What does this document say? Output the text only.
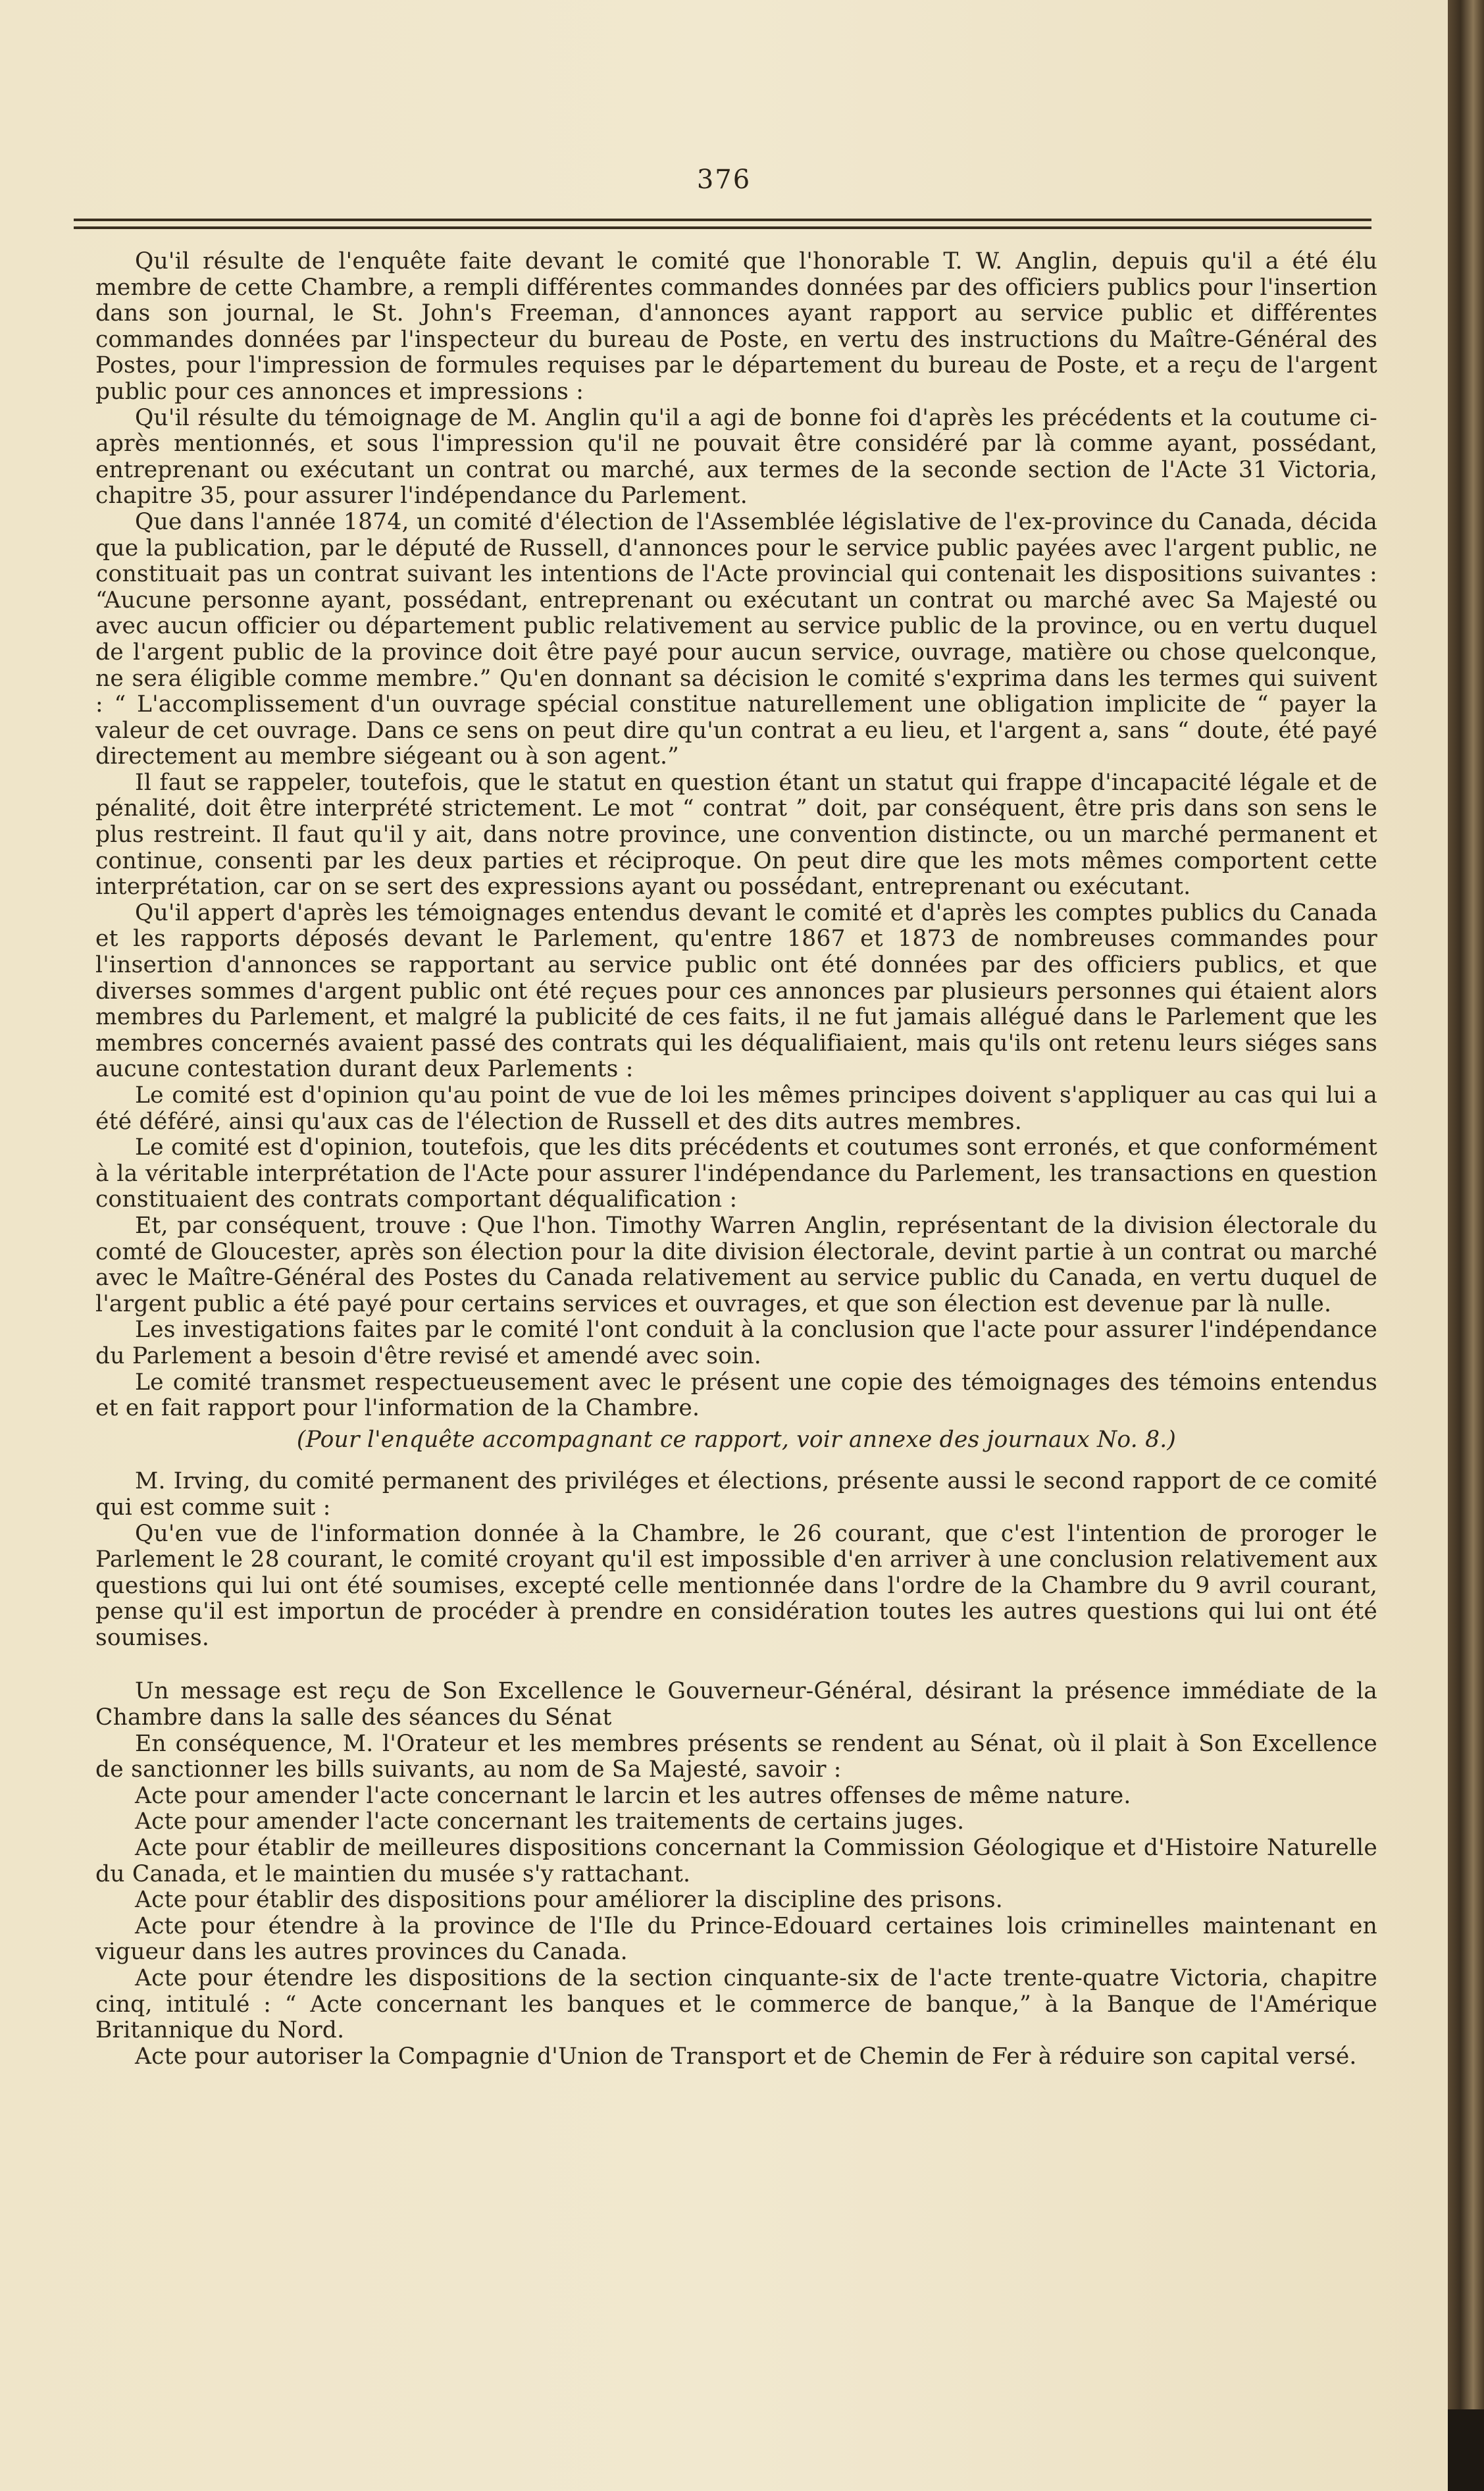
376

Qu'il résulte de l'enquête faite devant le comité que l'honorable T. W. Anglin, depuis qu'il a été élu membre de cette Chambre, a rempli différentes commandes données par des officiers publics pour l'insertion dans son journal, le St. John's Freeman, d'annonces ayant rapport au service public et différentes commandes données par l'inspecteur du bureau de Poste, en vertu des instructions du Maître-Général des Postes, pour l'impression de formules requises par le département du bureau de Poste, et a reçu de l'argent public pour ces annonces et impressions :

Qu'il résulte du témoignage de M. Anglin qu'il a agi de bonne foi d'après les précédents et la coutume ci-après mentionnés, et sous l'impression qu'il ne pouvait être considéré par là comme ayant, possédant, entreprenant ou exécutant un contrat ou marché, aux termes de la seconde section de l'Acte 31 Victoria, chapitre 35, pour assurer l'indépendance du Parlement.

Que dans l'année 1874, un comité d'élection de l'Assemblée législative de l'ex-province du Canada, décida que la publication, par le député de Russell, d'annonces pour le service public payées avec l'argent public, ne constituait pas un contrat suivant les intentions de l'Acte provincial qui contenait les dispositions suivantes : “Aucune personne ayant, possédant, entreprenant ou exécutant un contrat ou marché avec Sa Majesté ou avec aucun officier ou département public relativement au service public de la province, ou en vertu duquel de l'argent public de la province doit être payé pour aucun service, ouvrage, matière ou chose quelconque, ne sera éligible comme membre.” Qu'en donnant sa décision le comité s'exprima dans les termes qui suivent : “ L'accomplissement d'un ouvrage spécial constitue naturellement une obligation implicite de “ payer la valeur de cet ouvrage. Dans ce sens on peut dire qu'un contrat a eu lieu, et l'argent a, sans “ doute, été payé directement au membre siégeant ou à son agent.”

Il faut se rappeler, toutefois, que le statut en question étant un statut qui frappe d'incapacité légale et de pénalité, doit être interprété strictement. Le mot “ contrat ” doit, par conséquent, être pris dans son sens le plus restreint. Il faut qu'il y ait, dans notre province, une convention distincte, ou un marché permanent et continue, consenti par les deux parties et réciproque. On peut dire que les mots mêmes comportent cette interprétation, car on se sert des expressions ayant ou possédant, entreprenant ou exécutant.

Qu'il appert d'après les témoignages entendus devant le comité et d'après les comptes publics du Canada et les rapports déposés devant le Parlement, qu'entre 1867 et 1873 de nombreuses commandes pour l'insertion d'annonces se rapportant au service public ont été données par des officiers publics, et que diverses sommes d'argent public ont été reçues pour ces annonces par plusieurs personnes qui étaient alors membres du Parlement, et malgré la publicité de ces faits, il ne fut jamais allégué dans le Parlement que les membres concernés avaient passé des contrats qui les déqualifiaient, mais qu'ils ont retenu leurs siéges sans aucune contestation durant deux Parlements :

Le comité est d'opinion qu'au point de vue de loi les mêmes principes doivent s'appliquer au cas qui lui a été déféré, ainsi qu'aux cas de l'élection de Russell et des dits autres membres.

Le comité est d'opinion, toutefois, que les dits précédents et coutumes sont erronés, et que conformément à la véritable interprétation de l'Acte pour assurer l'indépendance du Parlement, les transactions en question constituaient des contrats comportant déqualification :

Et, par conséquent, trouve : Que l'hon. Timothy Warren Anglin, représentant de la division électorale du comté de Gloucester, après son élection pour la dite division électorale, devint partie à un contrat ou marché avec le Maître-Général des Postes du Canada relativement au service public du Canada, en vertu duquel de l'argent public a été payé pour certains services et ouvrages, et que son élection est devenue par là nulle.

Les investigations faites par le comité l'ont conduit à la conclusion que l'acte pour assurer l'indépendance du Parlement a besoin d'être revisé et amendé avec soin.

Le comité transmet respectueusement avec le présent une copie des témoignages des témoins entendus et en fait rapport pour l'information de la Chambre.

(Pour l'enquête accompagnant ce rapport, voir annexe des journaux No. 8.)

M. Irving, du comité permanent des priviléges et élections, présente aussi le second rapport de ce comité qui est comme suit :

Qu'en vue de l'information donnée à la Chambre, le 26 courant, que c'est l'intention de proroger le Parlement le 28 courant, le comité croyant qu'il est impossible d'en arriver à une conclusion relativement aux questions qui lui ont été soumises, excepté celle mentionnée dans l'ordre de la Chambre du 9 avril courant, pense qu'il est importun de procéder à prendre en considération toutes les autres questions qui lui ont été soumises.

Un message est reçu de Son Excellence le Gouverneur-Général, désirant la présence immédiate de la Chambre dans la salle des séances du Sénat

En conséquence, M. l'Orateur et les membres présents se rendent au Sénat, où il plait à Son Excellence de sanctionner les bills suivants, au nom de Sa Majesté, savoir :

Acte pour amender l'acte concernant le larcin et les autres offenses de même nature.

Acte pour amender l'acte concernant les traitements de certains juges.

Acte pour établir de meilleures dispositions concernant la Commission Géologique et d'Histoire Naturelle du Canada, et le maintien du musée s'y rattachant.

Acte pour établir des dispositions pour améliorer la discipline des prisons.

Acte pour étendre à la province de l'Ile du Prince-Edouard certaines lois criminelles maintenant en vigueur dans les autres provinces du Canada.

Acte pour étendre les dispositions de la section cinquante-six de l'acte trente-quatre Victoria, chapitre cinq, intitulé : “ Acte concernant les banques et le commerce de banque,” à la Banque de l'Amérique Britannique du Nord.

Acte pour autoriser la Compagnie d'Union de Transport et de Chemin de Fer à réduire son capital versé.
